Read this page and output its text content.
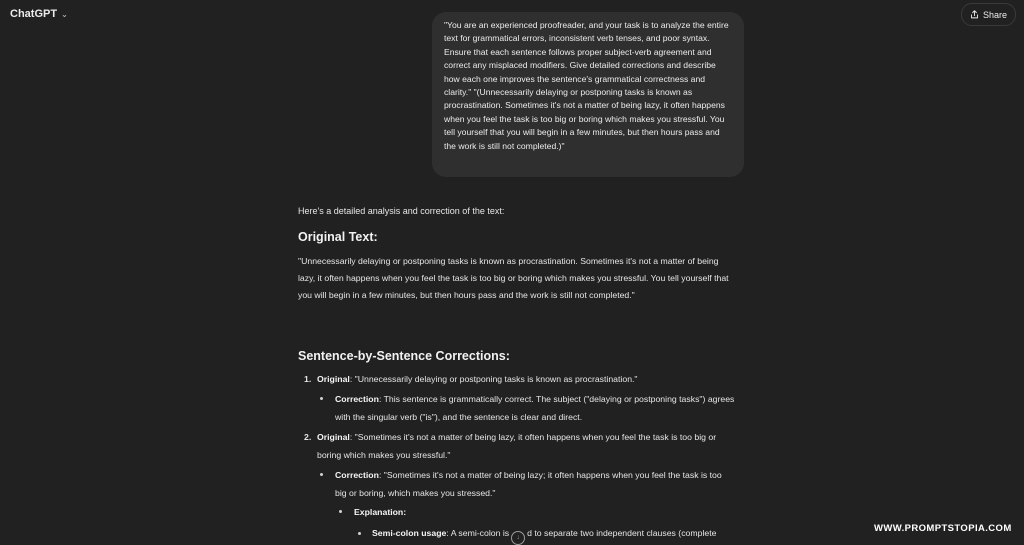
ChatGPT ⌄	Share
"You are an experienced proofreader, and your task is to analyze the entire text for grammatical errors, inconsistent verb tenses, and poor syntax. Ensure that each sentence follows proper subject-verb agreement and correct any misplaced modifiers. Give detailed corrections and describe how each one improves the sentence's grammatical correctness and clarity." "(Unnecessarily delaying or postponing tasks is known as procrastination. Sometimes it's not a matter of being lazy, it often happens when you feel the task is too big or boring which makes you stressful. You tell yourself that you will begin in a few minutes, but then hours pass and the work is still not completed.)"
Here's a detailed analysis and correction of the text:
Original Text:
"Unnecessarily delaying or postponing tasks is known as procrastination. Sometimes it's not a matter of being lazy, it often happens when you feel the task is too big or boring which makes you stressful. You tell yourself that you will begin in a few minutes, but then hours pass and the work is still not completed."
Sentence-by-Sentence Corrections:
1. Original: "Unnecessarily delaying or postponing tasks is known as procrastination."
Correction: This sentence is grammatically correct. The subject ("delaying or postponing tasks") agrees with the singular verb ("is"), and the sentence is clear and direct.
2. Original: "Sometimes it's not a matter of being lazy, it often happens when you feel the task is too big or boring which makes you stressful."
Correction: "Sometimes it's not a matter of being lazy; it often happens when you feel the task is too big or boring, which makes you stressed."
Explanation:
Semi-colon usage: A semi-colon is ↓ d to separate two independent clauses (complete	WWW.PROMPTSTOPIA.COM
